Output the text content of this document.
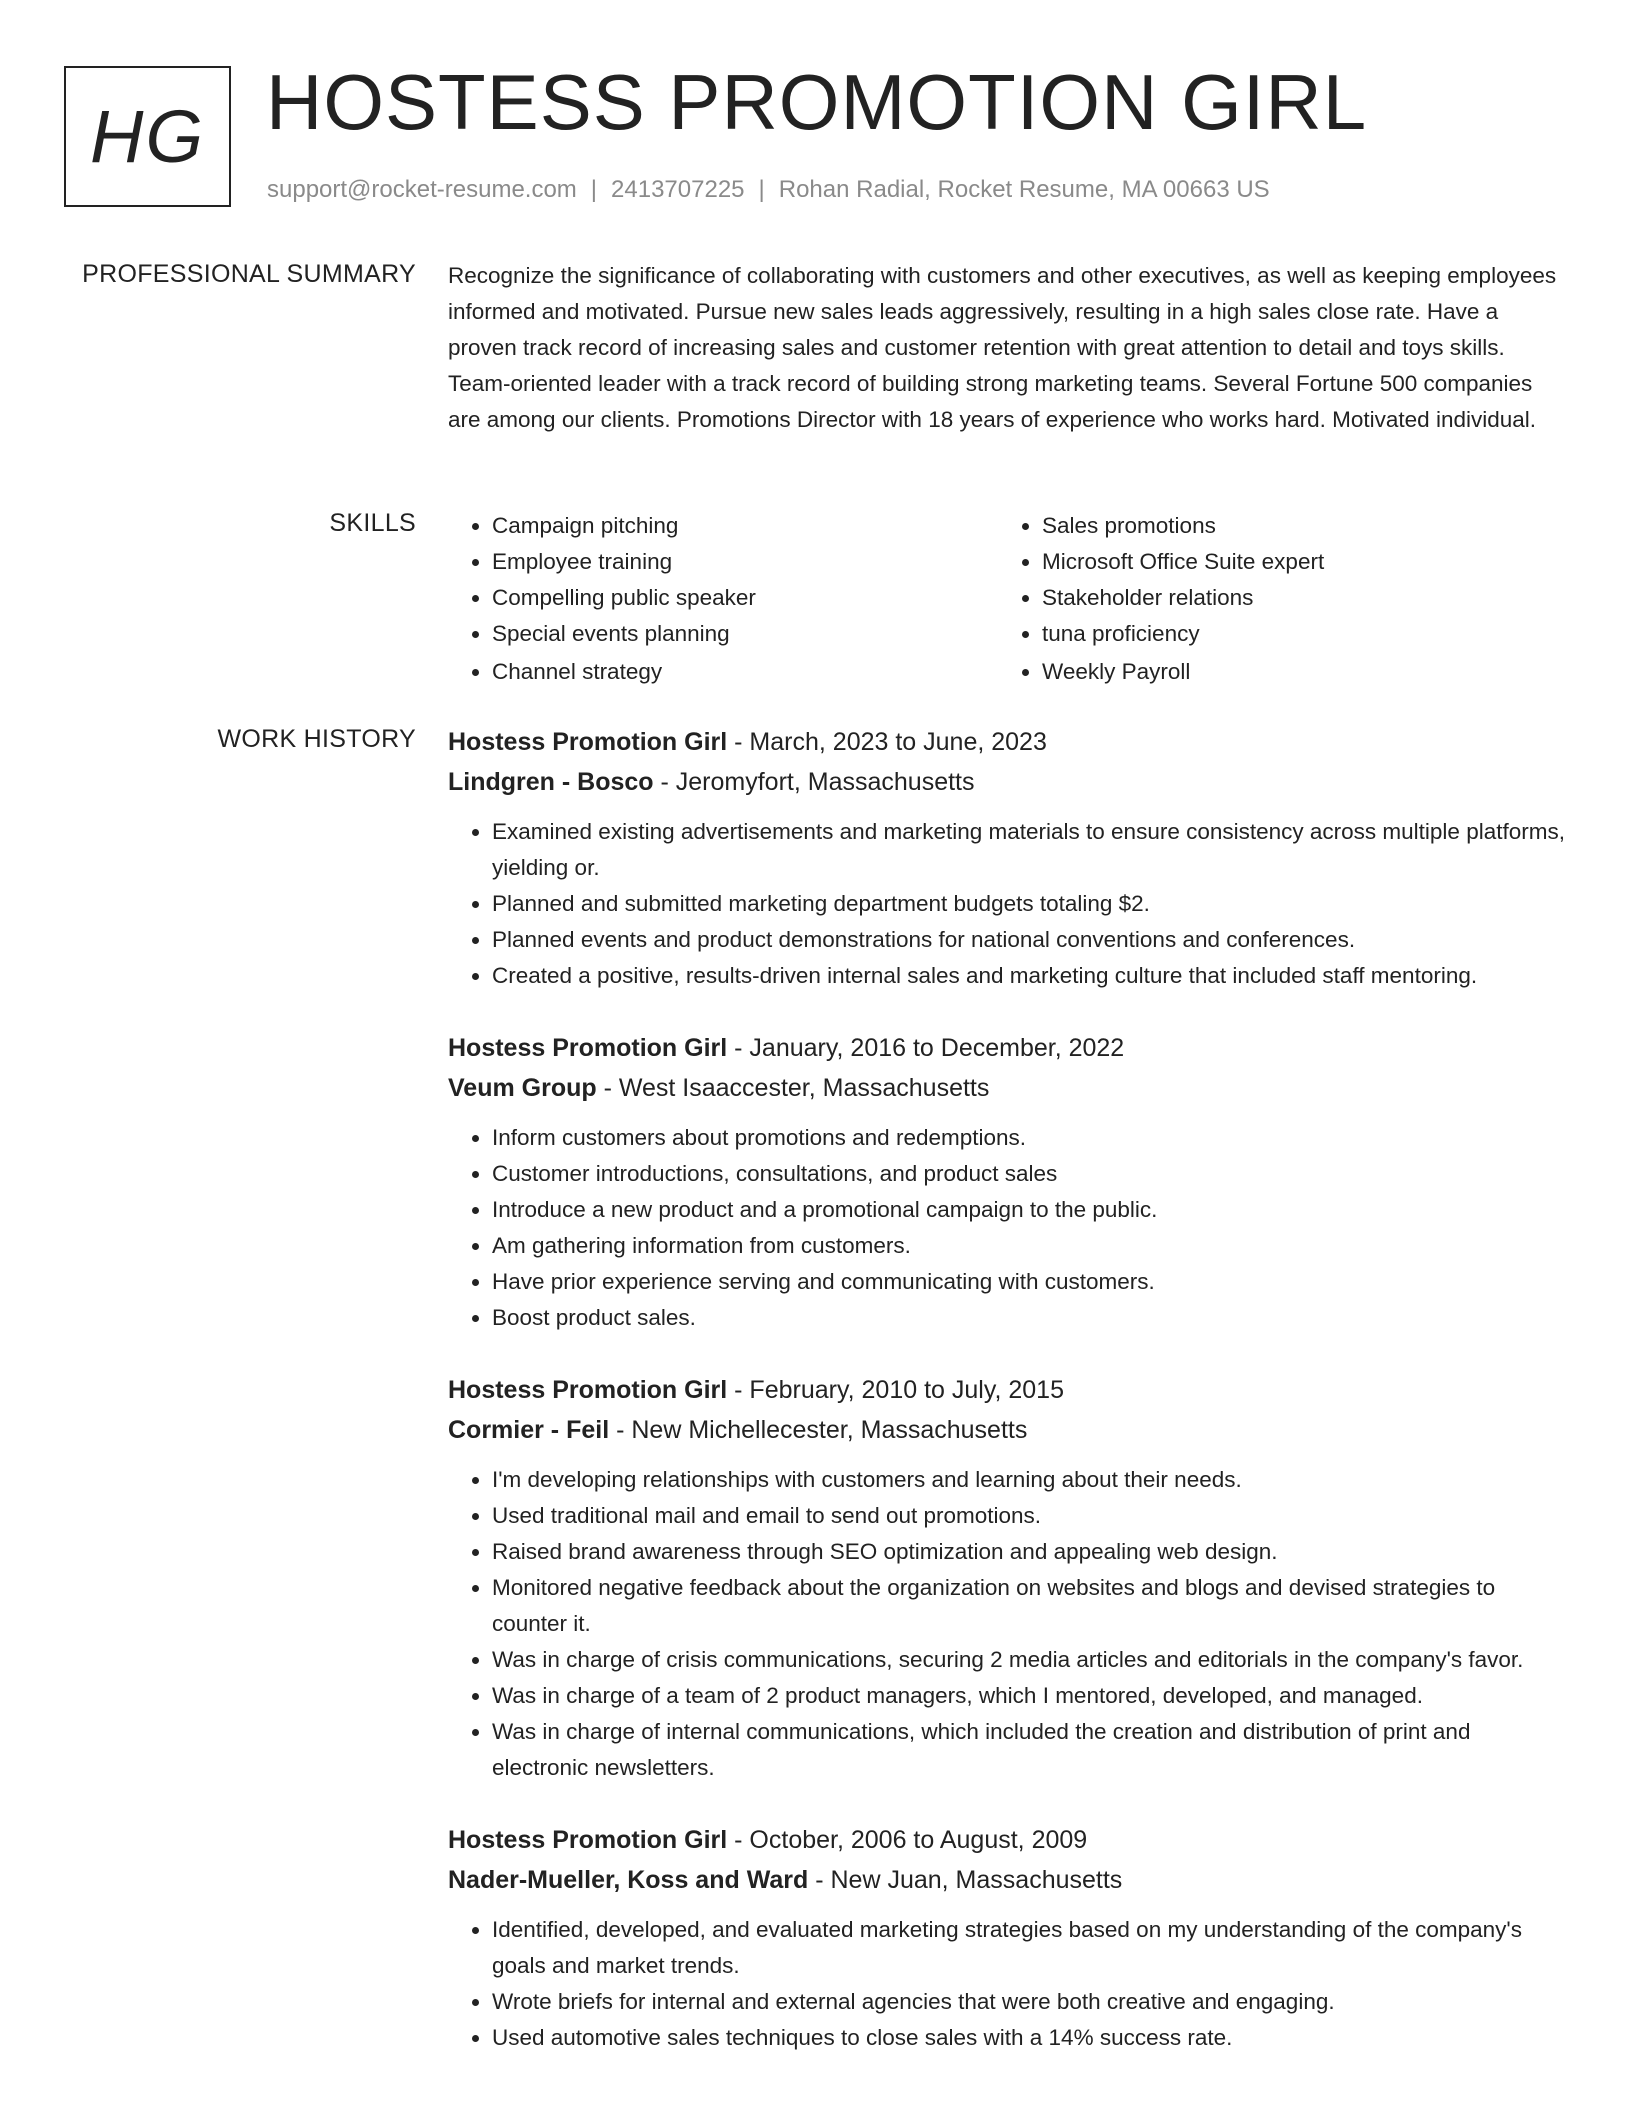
HG HOSTESS PROMOTION GIRL
support@rocket-resume.com | 2413707225 | Rohan Radial, Rocket Resume, MA 00663 US
PROFESSIONAL SUMMARY Recognize the significance of collaborating with customers and other executives, as well as keeping employees informed and motivated. Pursue new sales leads aggressively, resulting in a high sales close rate. Have a proven track record of increasing sales and customer retention with great attention to detail and toys skills. Team-oriented leader with a track record of building strong marketing teams. Several Fortune 500 companies are among our clients. Promotions Director with 18 years of experience who works hard. Motivated individual.

SKILLS
•	Campaign pitching
• Employee training
• Compelling public speaker
• Special events planning
• Channel strategy
• Sales promotions
• Microsoft Office Suite expert
• Stakeholder relations
• tuna proficiency
• Weekly Payroll
WORK HISTORY Hostess Promotion Girl - March, 2023 to June, 2023
Lindgren - Bosco - Jeromyfort, Massachusetts
• Examined existing advertisements and marketing materials to ensure consistency across multiple platforms, yielding or.
• Planned and submitted marketing department budgets totaling $2.
• Planned events and product demonstrations for national conventions and conferences.
• Created a positive, results-driven internal sales and marketing culture that included staff mentoring.
Hostess Promotion Girl - January, 2016 to December, 2022
Veum Group - West Isaaccester, Massachusetts
• Inform customers about promotions and redemptions.
• Customer introductions, consultations, and product sales
• Introduce a new product and a promotional campaign to the public.
• Am gathering information from customers.
• Have prior experience serving and communicating with customers.
• Boost product sales.
Hostess Promotion Girl - February, 2010 to July, 2015
Cormier - Feil - New Michellecester, Massachusetts
• I'm developing relationships with customers and learning about their needs.
• Used traditional mail and email to send out promotions.
• Raised brand awareness through SEO optimization and appealing web design.
• Monitored negative feedback about the organization on websites and blogs and devised strategies to counter it.
• Was in charge of crisis communications, securing 2 media articles and editorials in the company's favor.
• Was in charge of a team of 2 product managers, which I mentored, developed, and managed.
• Was in charge of internal communications, which included the creation and distribution of print and electronic newsletters.
Hostess Promotion Girl - October, 2006 to August, 2009
Nader-Mueller, Koss and Ward - New Juan, Massachusetts
• Identified, developed, and evaluated marketing strategies based on my understanding of the company's goals and market trends.
• Wrote briefs for internal and external agencies that were both creative and engaging.
• Used automotive sales techniques to close sales with a 14% success rate.
